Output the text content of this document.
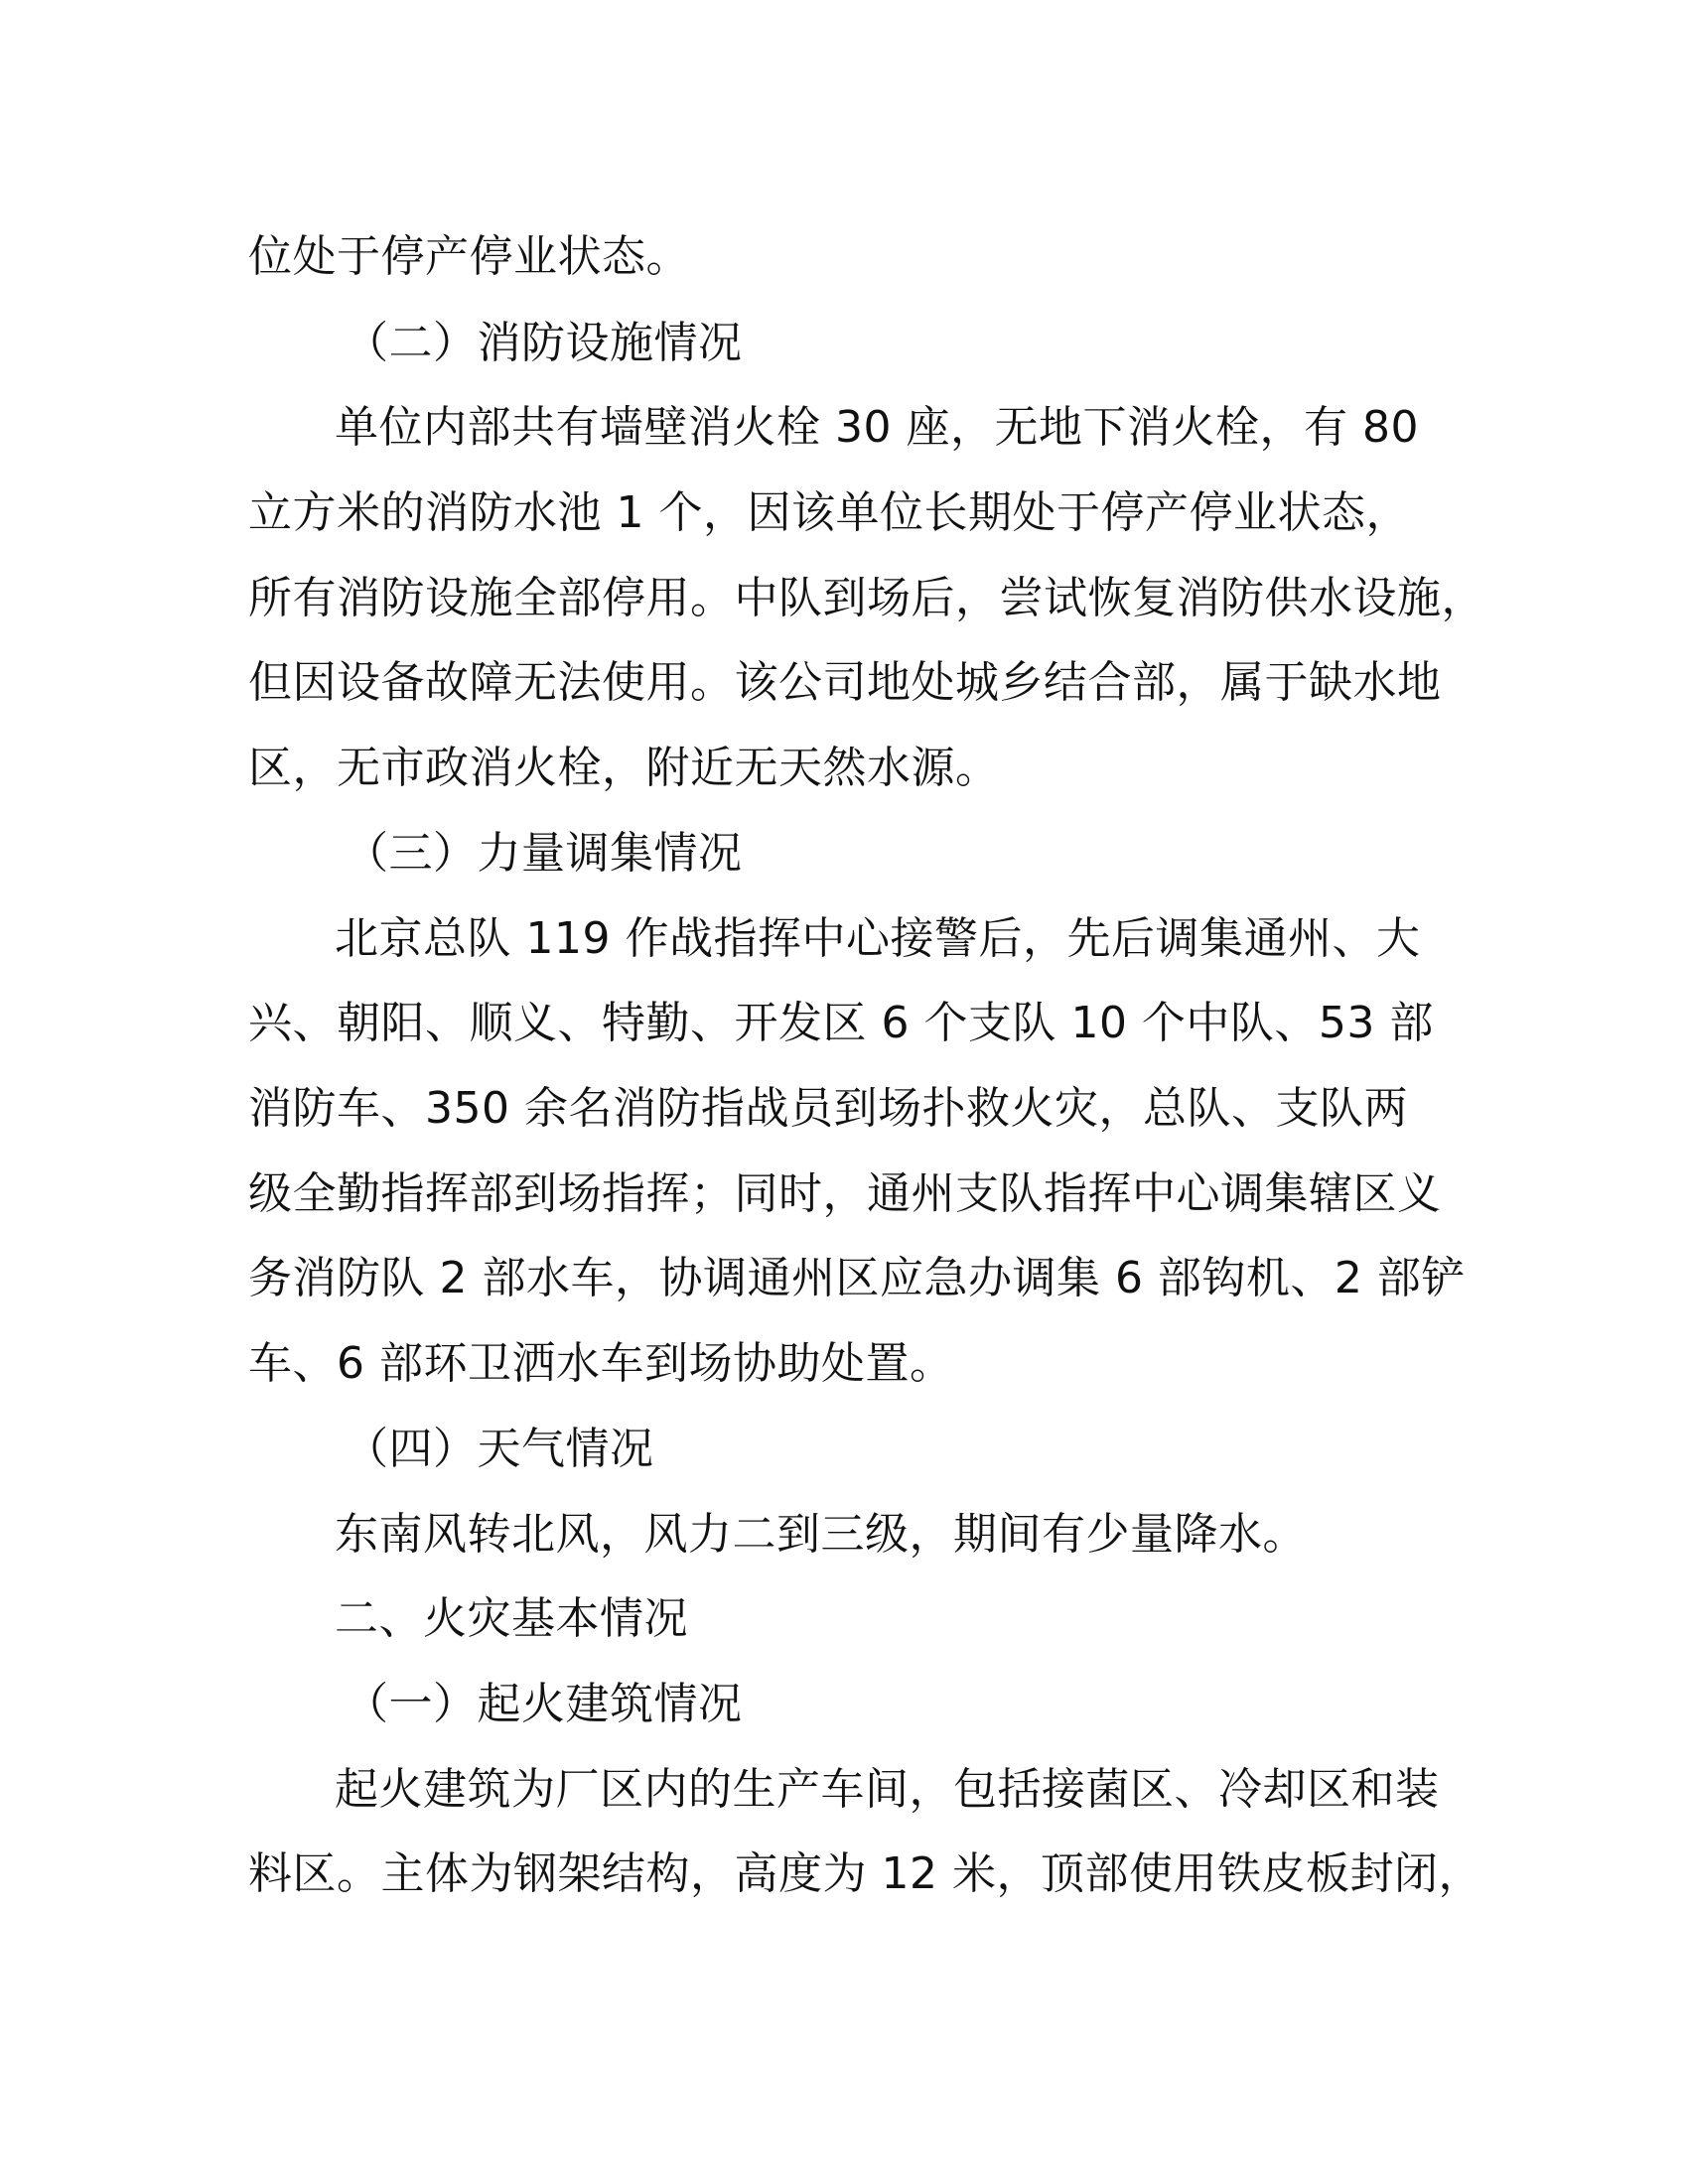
位处于停产停业状态。
（二）消防设施情况
单位内部共有墙壁消火栓 30 座，无地下消火栓，有 80
立方米的消防水池 1 个，因该单位长期处于停产停业状态，
所有消防设施全部停用。中队到场后，尝试恢复消防供水设施，
但因设备故障无法使用。该公司地处城乡结合部，属于缺水地
区，无市政消火栓，附近无天然水源。
（三）力量调集情况
北京总队 119 作战指挥中心接警后，先后调集通州、大
兴、朝阳、顺义、特勤、开发区 6 个支队 10 个中队、53 部
消防车、350 余名消防指战员到场扑救火灾，总队、支队两
级全勤指挥部到场指挥；同时，通州支队指挥中心调集辖区义
务消防队 2 部水车，协调通州区应急办调集 6 部钩机、2 部铲
车、6 部环卫洒水车到场协助处置。
（四）天气情况
东南风转北风，风力二到三级，期间有少量降水。
二、火灾基本情况
（一）起火建筑情况
起火建筑为厂区内的生产车间，包括接菌区、冷却区和装
料区。主体为钢架结构，高度为 12 米，顶部使用铁皮板封闭，
